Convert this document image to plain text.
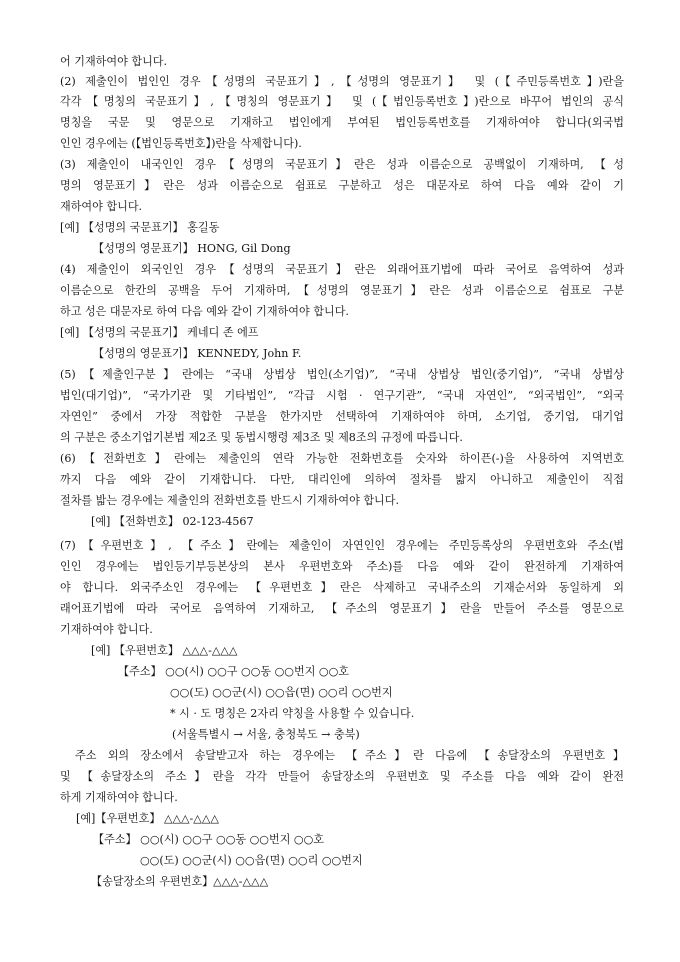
어 기재하여야 합니다.
(2) 제출인이 법인인 경우【성명의 국문표기】,【성명의 영문표기】 및 (【주민등록번호】)란을
각각【명칭의 국문표기】,【명칭의 영문표기】 및 (【법인등록번호】)란으로 바꾸어 법인의 공식
명칭을 국문 및 영문으로 기재하고 법인에게 부여된 법인등록번호를 기재하여야 합니다(외국법
인인 경우에는 (【법인등록번호】)란을 삭제합니다).
(3) 제출인이 내국인인 경우【성명의 국문표기】란은 성과 이름순으로 공백없이 기재하며, 【성
명의 영문표기】란은 성과 이름순으로 쉼표로 구분하고 성은 대문자로 하여 다음 예와 같이 기
재하여야 합니다.
[예] 【성명의 국문표기】 홍길동
【성명의 영문표기】 HONG, Gil Dong
(4) 제출인이 외국인인 경우【성명의 국문표기】란은 외래어표기법에 따라 국어로 음역하여 성과
이름순으로 한칸의 공백을 두어 기재하며,【성명의 영문표기】란은 성과 이름순으로 쉼표로 구분
하고 성은 대문자로 하여 다음 예와 같이 기재하여야 합니다.
[예] 【성명의 국문표기】 케네디 존 에프
【성명의 영문표기】 KENNEDY, John F.
(5)【제출인구분】란에는 “국내 상법상 법인(소기업)”, “국내 상법상 법인(중기업)”, “국내 상법상
법인(대기업)”, “국가기관 및 기타법인”, “각급 시험 · 연구기관”, “국내 자연인”, “외국법인”, “외국
자연인” 중에서 가장 적합한 구분을 한가지만 선택하여 기재하여야 하며, 소기업, 중기업, 대기업
의 구분은 중소기업기본법 제2조 및 동법시행령 제3조 및 제8조의 규정에 따릅니다.
(6)【전화번호】란에는 제출인의 연락 가능한 전화번호를 숫자와 하이픈(-)을 사용하여 지역번호
까지 다음 예와 같이 기재합니다. 다만, 대리인에 의하여 절차를 밟지 아니하고 제출인이 직접
절차를 밟는 경우에는 제출인의 전화번호를 반드시 기재하여야 합니다.
[예] 【전화번호】 02-123-4567
(7)【우편번호】, 【주소】란에는 제출인이 자연인인 경우에는 주민등록상의 우편번호와 주소(법
인인 경우에는 법인등기부등본상의 본사 우편번호와 주소)를 다음 예와 같이 완전하게 기재하여
야 합니다. 외국주소인 경우에는 【우편번호】란은 삭제하고 국내주소의 기재순서와 동일하게 외
래어표기법에 따라 국어로 음역하여 기재하고, 【주소의 영문표기】란을 만들어 주소를 영문으로
기재하여야 합니다.
[예] 【우편번호】 △△△-△△△
【주소】 ○○(시) ○○구 ○○동 ○○번지 ○○호
○○(도) ○○군(시) ○○읍(면) ○○리 ○○번지
* 시 · 도 명칭은 2자리 약칭을 사용할 수 있습니다.
(서울특별시 → 서울, 충청북도 → 충북)
주소 외의 장소에서 송달받고자 하는 경우에는 【주소】란 다음에 【송달장소의 우편번호】
및 【송달장소의 주소】란을 각각 만들어 송달장소의 우편번호 및 주소를 다음 예와 같이 완전
하게 기재하여야 합니다.
[예]【우편번호】 △△△-△△△
【주소】 ○○(시) ○○구 ○○동 ○○번지 ○○호
○○(도) ○○군(시) ○○읍(면) ○○리 ○○번지
【송달장소의 우편번호】△△△-△△△
